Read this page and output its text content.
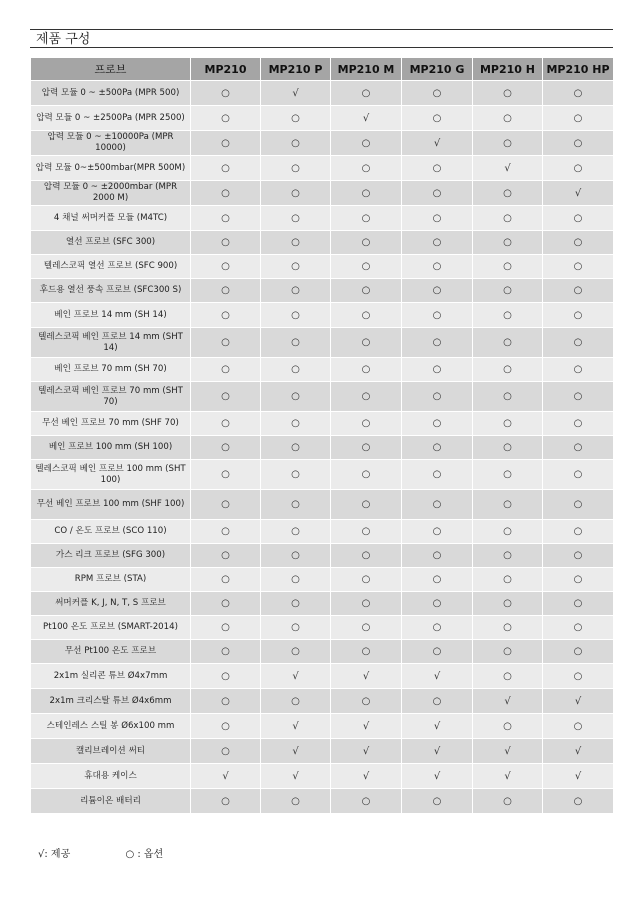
제품 구성
프로브	MP210	MP210 P	MP210 M	MP210 G	MP210 H	MP210 HP
압력 모듈 0 ~ ±500Pa (MPR 500)	○	√	○	○	○	○
압력 모듈 0 ~ ±2500Pa (MPR 2500)	○	○	√	○	○	○
압력 모듈 0 ~ ±10000Pa (MPR 10000)	○	○	○	√	○	○
압력 모듈 0~±500mbar(MPR 500M)	○	○	○	○	√	○
압력 모듈 0 ~ ±2000mbar (MPR 2000 M)	○	○	○	○	○	√
4 채널 써머커플 모듈 (M4TC)	○	○	○	○	○	○
열선 프로브 (SFC 300)	○	○	○	○	○	○
텔레스코픽 열선 프로브 (SFC 900)	○	○	○	○	○	○
후드용 열선 풍속 프로브 (SFC300 S)	○	○	○	○	○	○
베인 프로브 14 mm (SH 14)	○	○	○	○	○	○
텔레스코픽 베인 프로브 14 mm (SHT 14)	○	○	○	○	○	○
베인 프로브 70 mm (SH 70)	○	○	○	○	○	○
텔레스코픽 베인 프로브 70 mm (SHT 70)	○	○	○	○	○	○
무선 베인 프로브 70 mm (SHF 70)	○	○	○	○	○	○
베인 프로브 100 mm (SH 100)	○	○	○	○	○	○
텔레스코픽 베인 프로브 100 mm (SHT 100)	○	○	○	○	○	○
무선 베인 프로브 100 mm (SHF 100)	○	○	○	○	○	○
CO / 온도 프로브 (SCO 110)	○	○	○	○	○	○
가스 리크 프로브 (SFG 300)	○	○	○	○	○	○
RPM 프로브 (STA)	○	○	○	○	○	○
써머커플 K, J, N, T, S 프로브	○	○	○	○	○	○
Pt100 온도 프로브 (SMART-2014)	○	○	○	○	○	○
무선 Pt100 온도 프로브	○	○	○	○	○	○
2x1m 실리콘 튜브 Ø4x7mm	○	√	√	√	○	○
2x1m 크리스탈 튜브 Ø4x6mm	○	○	○	○	√	√
스테인레스 스틸 봉 Ø6x100 mm	○	√	√	√	○	○
캘리브레이션 써티	○	√	√	√	√	√
휴대용 케이스	√	√	√	√	√	√
리튬이온 배터리	○	○	○	○	○	○
√: 제공	○ : 옵션
